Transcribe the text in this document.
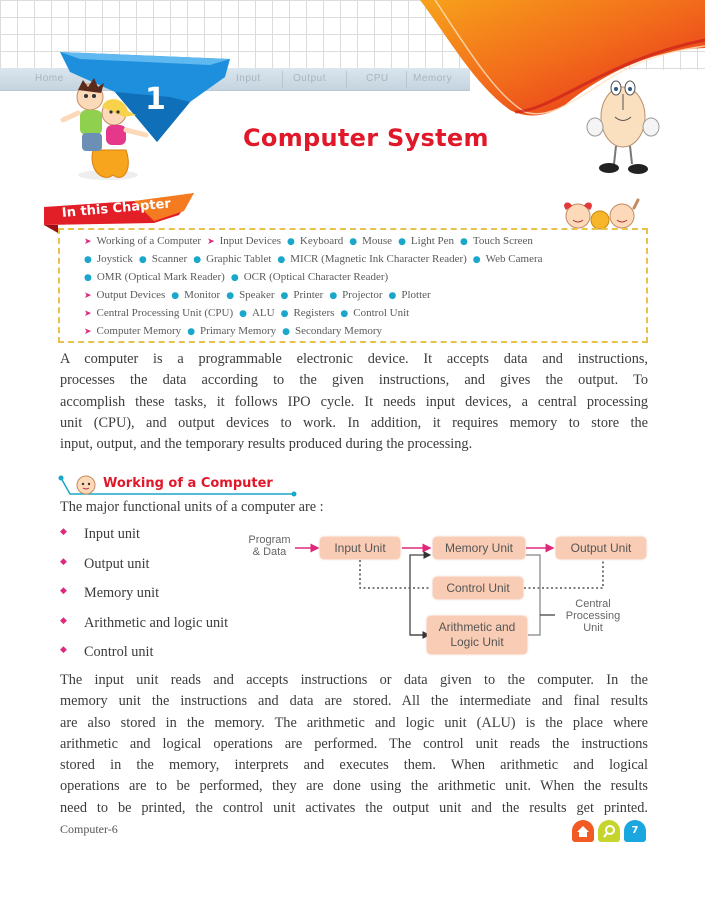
Home	Input	Output	CPU Memory
1
Computer System
In this Chapter
➤ Working of a Computer ➤ Input Devices ● Keyboard ● Mouse ● Light Pen ● Touch Screen
● Joystick ● Scanner ● Graphic Tablet ● MICR (Magnetic Ink Character Reader) ● Web Camera
● OMR (Optical Mark Reader) ● OCR (Optical Character Reader)
➤ Output Devices ● Monitor ● Speaker ● Printer ● Projector ● Plotter
➤ Central Processing Unit (CPU) ● ALU ● Registers ● Control Unit
➤ Computer Memory ● Primary Memory ● Secondary Memory

A computer is a programmable electronic device. It accepts data and instructions,

processes the data according to the given instructions, and gives the output. To

accomplish these tasks, it follows IPO cycle. It needs input devices, a central processing

unit (CPU), and output devices to work. In addition, it requires memory to store the

input, output, and the temporary results produced during the processing.

Working of a Computer
The major functional units of a computer are :
◆ Input unit
◆ Output unit
◆ Memory unit
◆ Arithmetic and logic unit
◆ Control unit
Program
& Data	Input Unit	Memory Unit	Output Unit
Control Unit
Arithmetic and
Logic Unit
Central
Processing
Unit

The input unit reads and accepts instructions or data given to the computer. In the

memory unit the instructions and data are stored. All the intermediate and final results

are also stored in the memory. The arithmetic and logic unit (ALU) is the place where

arithmetic and logical operations are performed. The control unit reads the instructions

stored in the memory, interprets and executes them. When arithmetic and logical

operations are to be performed, they are done using the arithmetic unit. When the results

need to be printed, the control unit activates the output unit and the results get printed.

Computer-6	7
